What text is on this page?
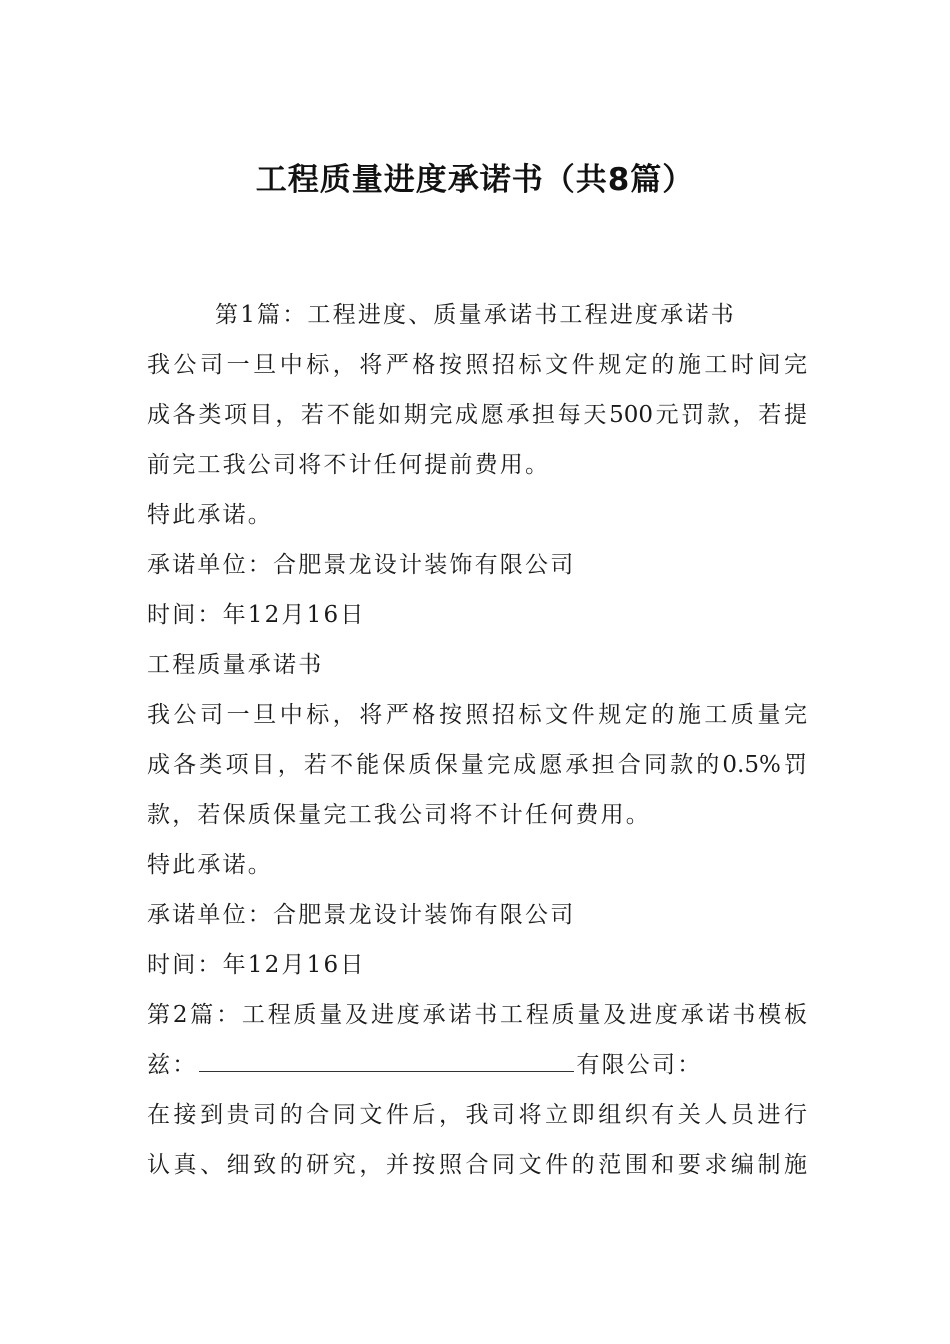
工程质量进度承诺书（共8篇）
第1篇：工程进度、质量承诺书工程进度承诺书
我公司一旦中标，将严格按照招标文件规定的施工时间完
成各类项目，若不能如期完成愿承担每天500元罚款，若提
前完工我公司将不计任何提前费用。
特此承诺。
承诺单位：合肥景龙设计装饰有限公司
时间：年12月16日
工程质量承诺书
我公司一旦中标，将严格按照招标文件规定的施工质量完
成各类项目，若不能保质保量完成愿承担合同款的0.5%罚
款，若保质保量完工我公司将不计任何费用。
特此承诺。
承诺单位：合肥景龙设计装饰有限公司
时间：年12月16日
第2篇：工程质量及进度承诺书工程质量及进度承诺书模板
兹：	有限公司：
在接到贵司的合同文件后，我司将立即组织有关人员进行
认真、细致的研究，并按照合同文件的范围和要求编制施
